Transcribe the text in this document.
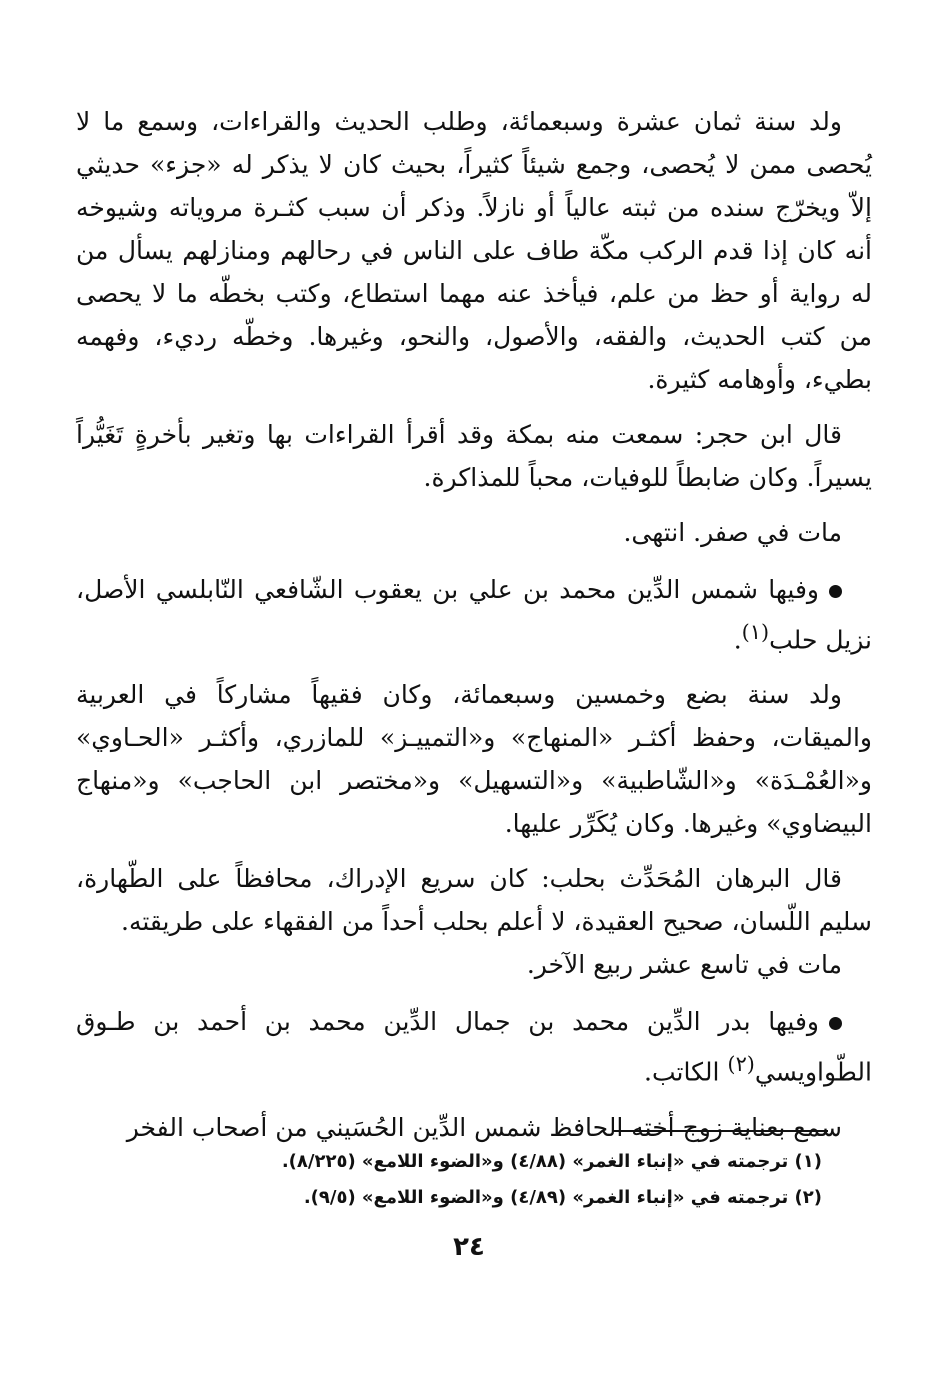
ولد سنة ثمان عشرة وسبعمائة، وطلب الحديث والقراءات، وسمع ما لا يُحصى ممن لا يُحصى، وجمع شيئاً كثيراً، بحيث كان لا يذكر له «جزء» حديثي إلاّ ويخرّج سنده من ثبته عالياً أو نازلاً. وذكر أن سبب كثـرة مروياته وشيوخه أنه كان إذا قدم الركب مكّة طاف على الناس في رحالهم ومنازلهم يسأل من له رواية أو حظ من علم، فيأخذ عنه مهما استطاع، وكتب بخطّه ما لا يحصى من كتب الحديث، والفقه، والأصول، والنحو، وغيرها. وخطّه رديء، وفهمه بطيء، وأوهامه كثيرة.

قال ابن حجر: سمعت منه بمكة وقد أقرأ القراءات بها وتغير بأخرةٍ تَغَيُّراً يسيراً. وكان ضابطاً للوفيات، محباً للمذاكرة.

مات في صفر. انتهى.

وفيها شمس الدِّين محمد بن علي بن يعقوب الشّافعي النّابلسي الأصل، نزيل حلب$^{(١)}$.

ولد سنة بضع وخمسين وسبعمائة، وكان فقيهاً مشاركاً في العربية والميقات، وحفظ أكثـر «المنهاج» و«التمييـز» للمازري، وأكثـر «الحـاوي» و«العُمْـدَة» و«الشّاطبية» و«التسهيل» و«مختصر ابن الحاجب» و«منهاج البيضاوي» وغيرها. وكان يُكَرِّر عليها.

قال البرهان المُحَدِّث بحلب: كان سريع الإدراك، محافظاً على الطّهارة، سليم اللّسان، صحيح العقيدة، لا أعلم بحلب أحداً من الفقهاء على طريقته.

مات في تاسع عشر ربيع الآخر.

وفيها بدر الدِّين محمد بن جمال الدِّين محمد بن أحمد بن طـوق الطّواويسي$^{(٢)}$ الكاتب.

سمع بعناية زوج أخته الحافظ شمس الدِّين الحُسَيني من أصحاب الفخر

(١) ترجمته في «إنباء الغمر» (٤/٨٨) و«الضوء اللامع» (٨/٢٢٥).

(٢) ترجمته في «إنباء الغمر» (٤/٨٩) و«الضوء اللامع» (٩/٥).

٢٤
